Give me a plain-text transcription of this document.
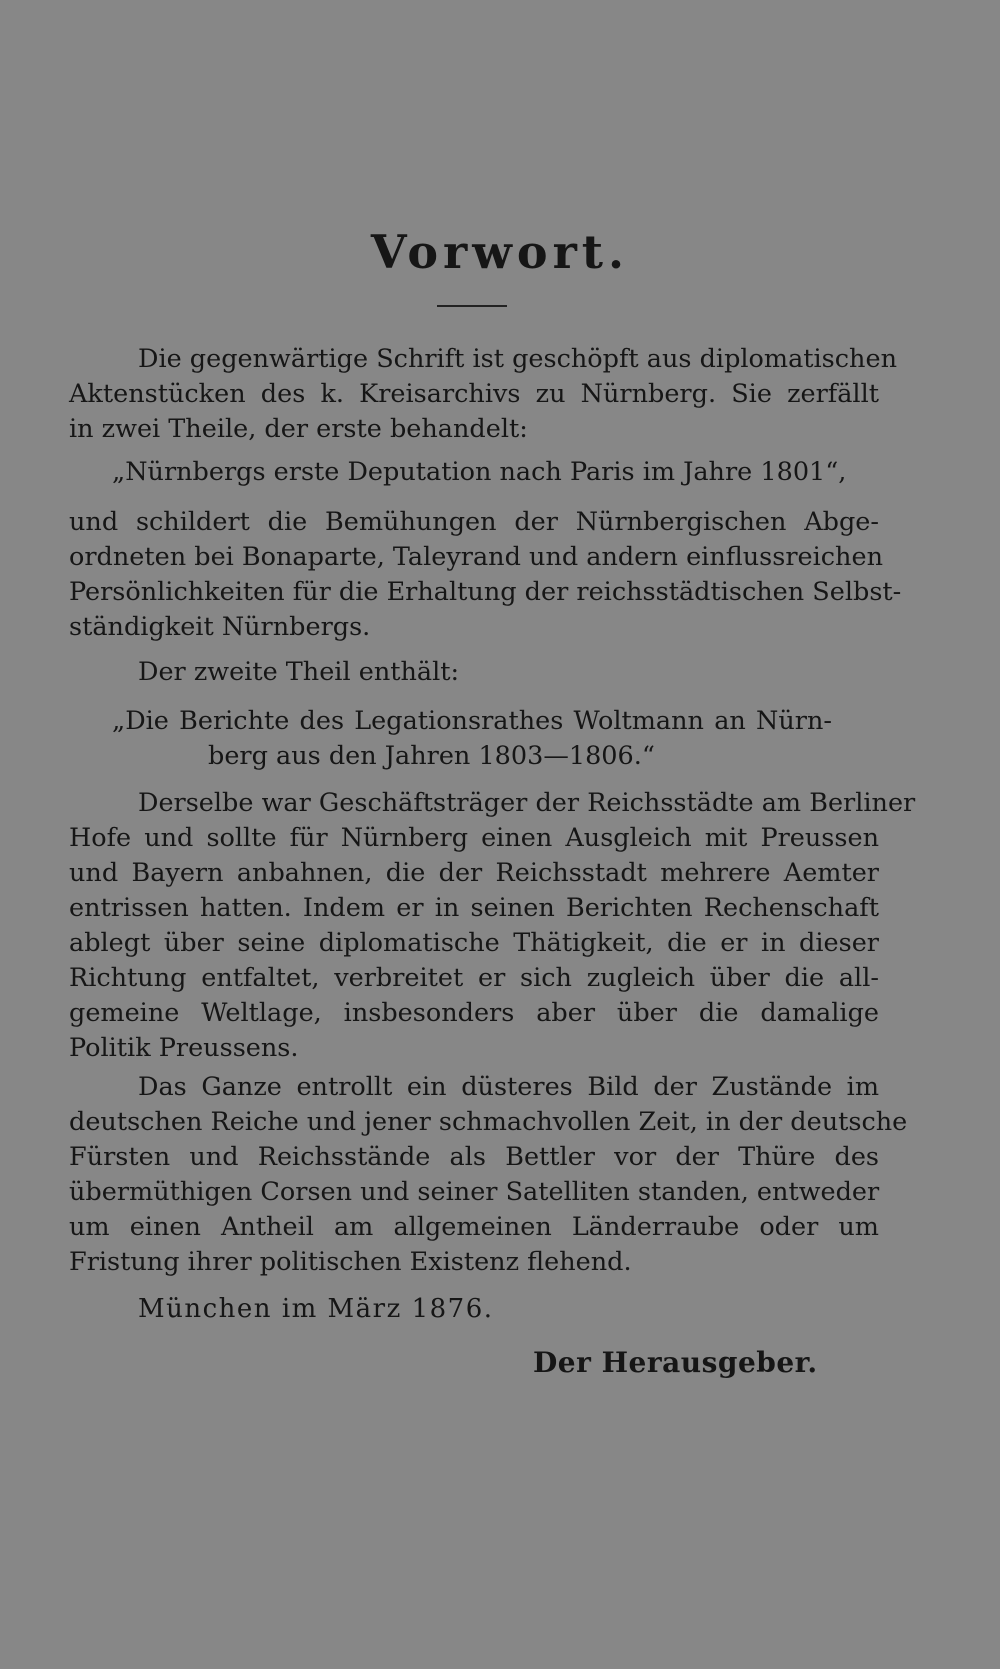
Vorwort.
Die gegenwärtige Schrift ist geschöpft aus diplomatischen
Aktenstücken des k. Kreisarchivs zu Nürnberg. Sie zerfällt
in zwei Theile, der erste behandelt:
„Nürnbergs erste Deputation nach Paris im Jahre 1801“,
und schildert die Bemühungen der Nürnbergischen Abge-
ordneten bei Bonaparte, Taleyrand und andern einflussreichen
Persönlichkeiten für die Erhaltung der reichsstädtischen Selbst-
ständigkeit Nürnbergs.
Der zweite Theil enthält:
„Die Berichte des Legationsrathes Woltmann an Nürn-
berg aus den Jahren 1803—1806.“
Derselbe war Geschäftsträger der Reichsstädte am Berliner
Hofe und sollte für Nürnberg einen Ausgleich mit Preussen
und Bayern anbahnen, die der Reichsstadt mehrere Aemter
entrissen hatten. Indem er in seinen Berichten Rechenschaft
ablegt über seine diplomatische Thätigkeit, die er in dieser
Richtung entfaltet, verbreitet er sich zugleich über die all-
gemeine Weltlage, insbesonders aber über die damalige
Politik Preussens.
Das Ganze entrollt ein düsteres Bild der Zustände im
deutschen Reiche und jener schmachvollen Zeit, in der deutsche
Fürsten und Reichsstände als Bettler vor der Thüre des
übermüthigen Corsen und seiner Satelliten standen, entweder
um einen Antheil am allgemeinen Länderraube oder um
Fristung ihrer politischen Existenz flehend.
München im März 1876.
Der Herausgeber.
